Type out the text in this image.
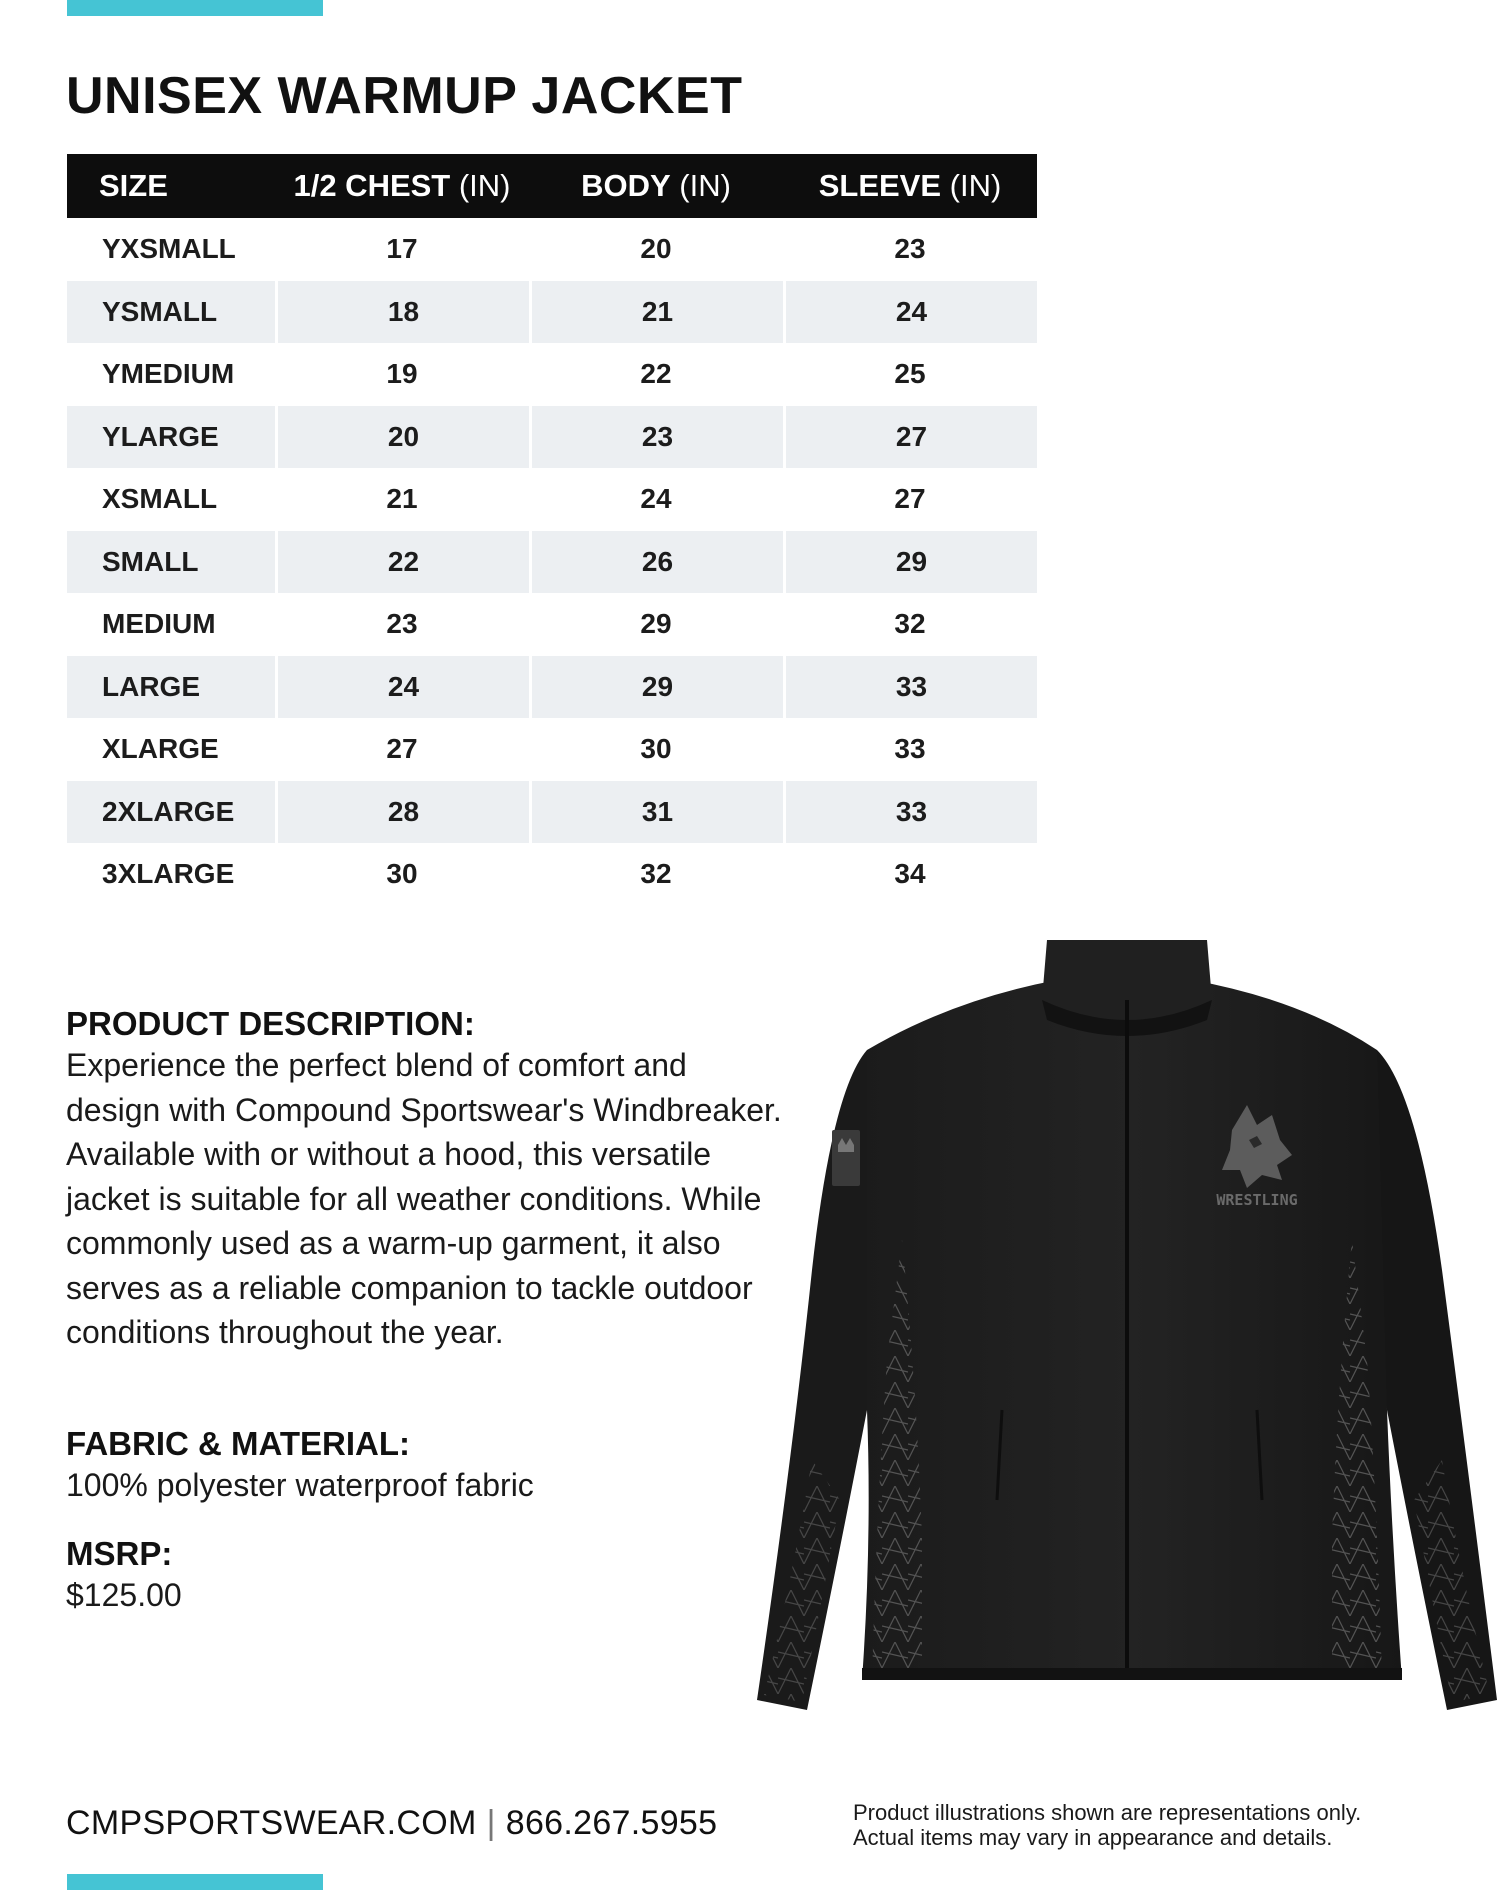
UNISEX WARMUP JACKET
SIZE	1/2 CHEST (IN)	BODY (IN)	SLEEVE (IN)
YXSMALL	17	20	23
YSMALL	18	21	24
YMEDIUM	19	22	25
YLARGE	20	23	27
XSMALL	21	24	27
SMALL	22	26	29
MEDIUM	23	29	32
LARGE	24	29	33
XLARGE	27	30	33
2XLARGE	28	31	33
3XLARGE	30	32	34
PRODUCT DESCRIPTION:

Experience the perfect blend of comfort and design with Compound Sportswear's Windbreaker. Available with or without a hood, this versatile jacket is suitable for all weather conditions. While commonly used as a warm-up garment, it also serves as a reliable companion to tackle outdoor conditions throughout the year.

FABRIC & MATERIAL:

100% polyester waterproof fabric

MSRP:

$125.00

WRESTLING
CMPSPORTSWEAR.COM | 866.267.5955	Product illustrations shown are representations only.
Actual items may vary in appearance and details.
